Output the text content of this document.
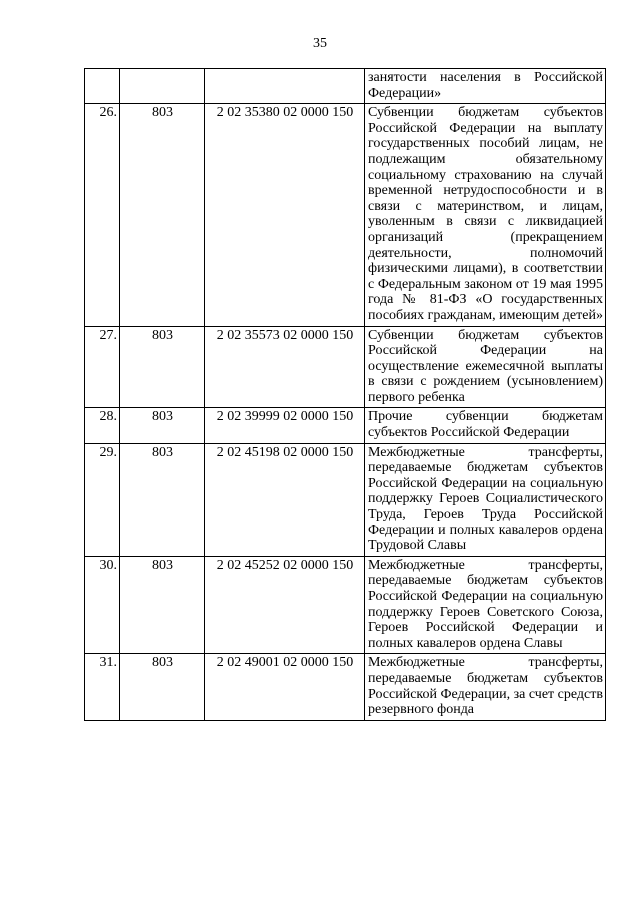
35
			занятости населения в Российской Федерации»
26.	803	2 02 35380 02 0000 150	Субвенции бюджетам субъектов Российской Федерации на выплату государственных пособий лицам, не подлежащим обязательному социальному страхованию на случай временной нетрудоспособности и в связи с материнством, и лицам, уволенным в связи с ликвидацией организаций (прекращением деятельности, полномочий физическими лицами), в соответствии с Федеральным законом от 19 мая 1995 года № 81-ФЗ «О государственных пособиях гражданам, имеющим детей»
27.	803	2 02 35573 02 0000 150	Субвенции бюджетам субъектов Российской Федерации на осуществление ежемесячной выплаты в связи с рождением (усыновлением) первого ребенка
28.	803	2 02 39999 02 0000 150	Прочие субвенции бюджетам субъектов Российской Федерации
29.	803	2 02 45198 02 0000 150	Межбюджетные трансферты, передаваемые бюджетам субъектов Российской Федерации на социальную поддержку Героев Социалистического Труда, Героев Труда Российской Федерации и полных кавалеров ордена Трудовой Славы
30.	803	2 02 45252 02 0000 150	Межбюджетные трансферты, передаваемые бюджетам субъектов Российской Федерации на социальную поддержку Героев Советского Союза, Героев Российской Федерации и полных кавалеров ордена Славы
31.	803	2 02 49001 02 0000 150	Межбюджетные трансферты, передаваемые бюджетам субъектов Российской Федерации, за счет средств резервного фонда
